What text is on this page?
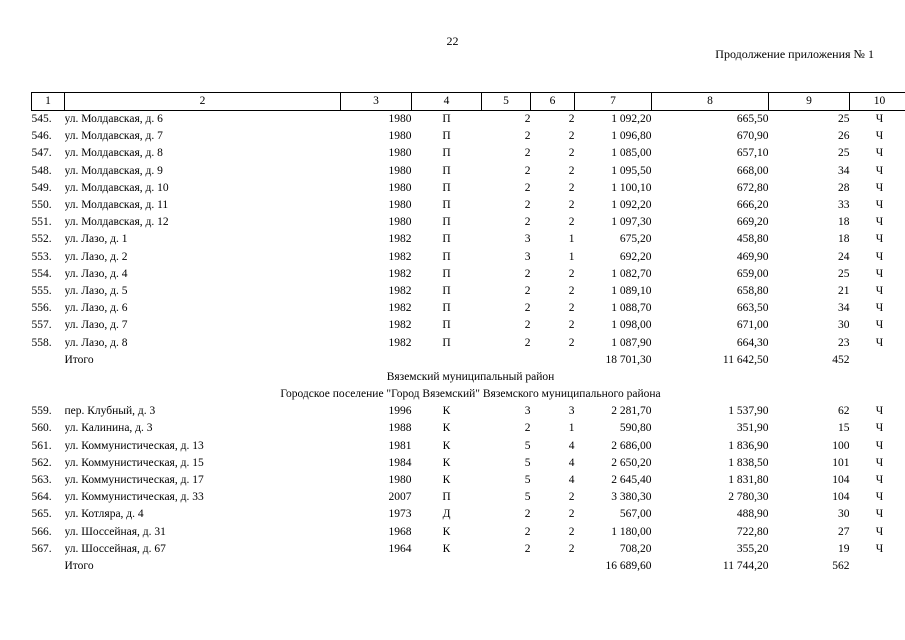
22
Продолжение приложения № 1
1	2	3	4	5	6	7	8	9	10
545.	ул. Молдавская, д. 6	1980	П	2	2	1 092,20	665,50	25	Ч
546.	ул. Молдавская, д. 7	1980	П	2	2	1 096,80	670,90	26	Ч
547.	ул. Молдавская, д. 8	1980	П	2	2	1 085,00	657,10	25	Ч
548.	ул. Молдавская, д. 9	1980	П	2	2	1 095,50	668,00	34	Ч
549.	ул. Молдавская, д. 10	1980	П	2	2	1 100,10	672,80	28	Ч
550.	ул. Молдавская, д. 11	1980	П	2	2	1 092,20	666,20	33	Ч
551.	ул. Молдавская, д. 12	1980	П	2	2	1 097,30	669,20	18	Ч
552.	ул. Лазо, д. 1	1982	П	3	1	675,20	458,80	18	Ч
553.	ул. Лазо, д. 2	1982	П	3	1	692,20	469,90	24	Ч
554.	ул. Лазо, д. 4	1982	П	2	2	1 082,70	659,00	25	Ч
555.	ул. Лазо, д. 5	1982	П	2	2	1 089,10	658,80	21	Ч
556.	ул. Лазо, д. 6	1982	П	2	2	1 088,70	663,50	34	Ч
557.	ул. Лазо, д. 7	1982	П	2	2	1 098,00	671,00	30	Ч
558.	ул. Лазо, д. 8	1982	П	2	2	1 087,90	664,30	23	Ч
	Итого					18 701,30	11 642,50	452	
Вяземский муниципальный район									
Городское поселение "Город Вяземский" Вяземского муниципального района									
559.	пер. Клубный, д. 3	1996	К	3	3	2 281,70	1 537,90	62	Ч
560.	ул. Калинина, д. 3	1988	К	2	1	590,80	351,90	15	Ч
561.	ул. Коммунистическая, д. 13	1981	К	5	4	2 686,00	1 836,90	100	Ч
562.	ул. Коммунистическая, д. 15	1984	К	5	4	2 650,20	1 838,50	101	Ч
563.	ул. Коммунистическая, д. 17	1980	К	5	4	2 645,40	1 831,80	104	Ч
564.	ул. Коммунистическая, д. 33	2007	П	5	2	3 380,30	2 780,30	104	Ч
565.	ул. Котляра, д. 4	1973	Д	2	2	567,00	488,90	30	Ч
566.	ул. Шоссейная, д. 31	1968	К	2	2	1 180,00	722,80	27	Ч
567.	ул. Шоссейная, д. 67	1964	К	2	2	708,20	355,20	19	Ч
	Итого					16 689,60	11 744,20	562	
